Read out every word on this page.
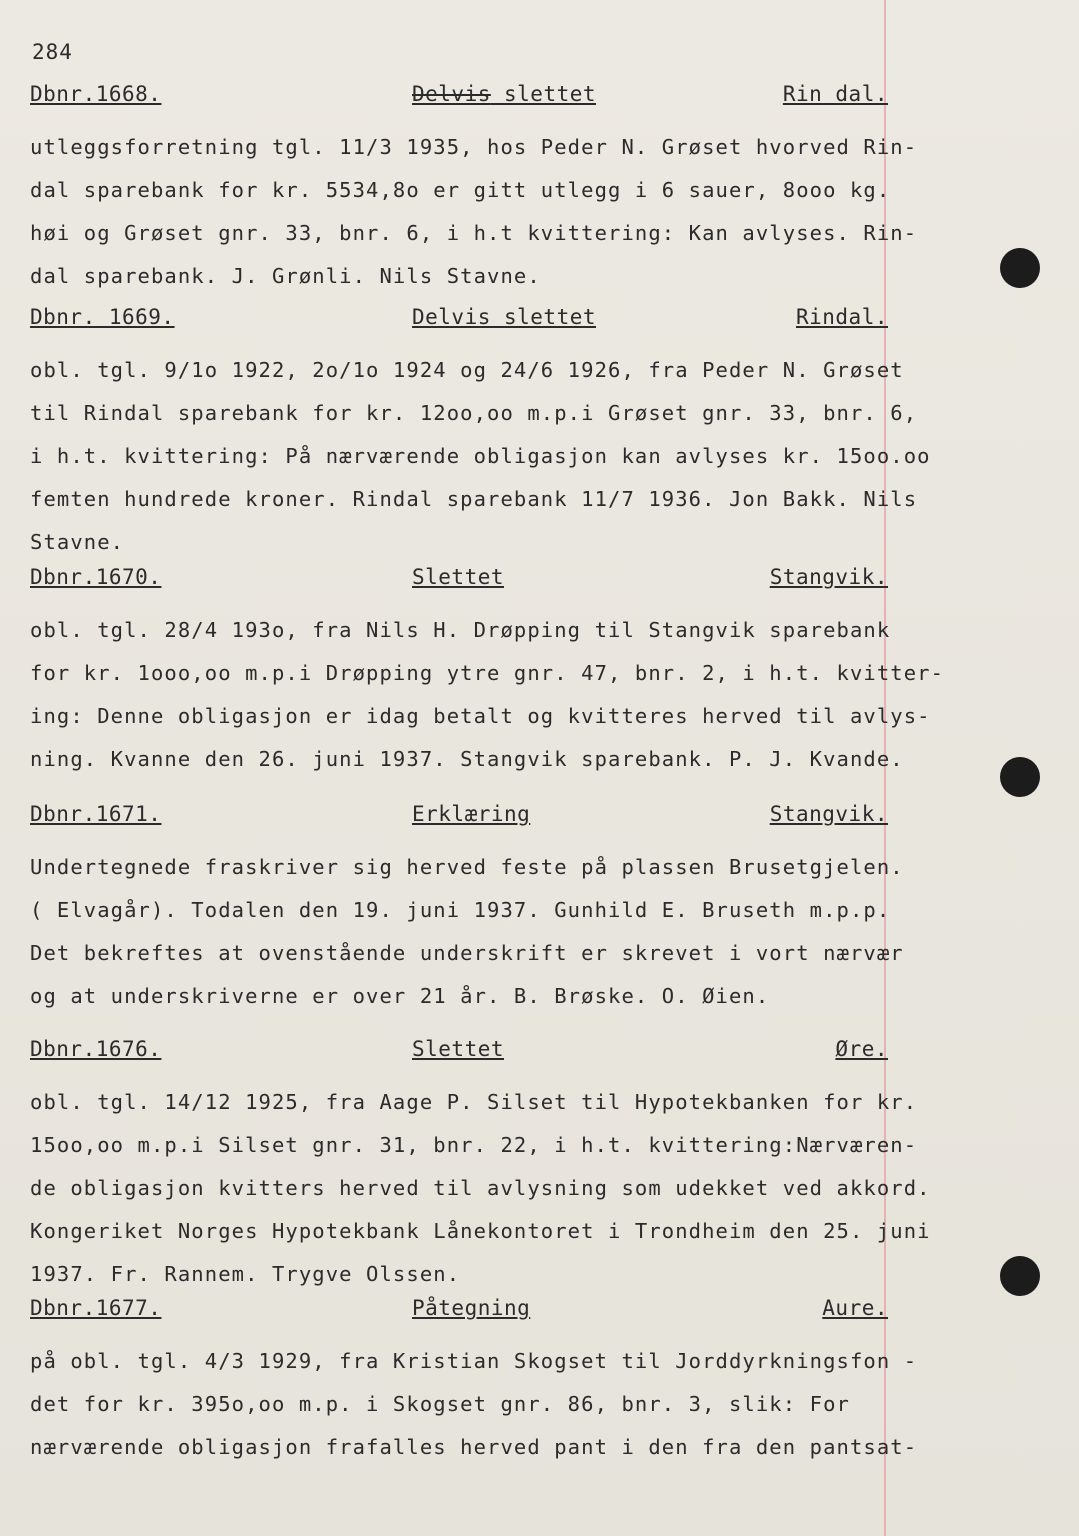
284
Dbnr.1668.	Delvis slettet	Rin dal.
utleggsforretning tgl. 11/3 1935, hos Peder N. Grøset hvorved Rin-
dal sparebank for kr. 5534,8o er gitt utlegg i 6 sauer, 8ooo kg.
høi og Grøset gnr. 33, bnr. 6, i h.t kvittering: Kan avlyses. Rin-
dal sparebank. J. Grønli. Nils Stavne.
Dbnr. 1669.	Delvis slettet	Rindal.
obl. tgl. 9/1o 1922, 2o/1o 1924 og 24/6 1926, fra Peder N. Grøset
til Rindal sparebank for kr. 12oo,oo m.p.i Grøset gnr. 33, bnr. 6,
i h.t. kvittering: På nærværende obligasjon kan avlyses kr. 15oo.oo
femten hundrede kroner. Rindal sparebank 11/7 1936. Jon Bakk. Nils
Stavne.
Dbnr.1670.	Slettet	Stangvik.
obl. tgl. 28/4 193o, fra Nils H. Drøpping til Stangvik sparebank
for kr. 1ooo,oo m.p.i Drøpping ytre gnr. 47, bnr. 2, i h.t. kvitter-
ing: Denne obligasjon er idag betalt og kvitteres herved til avlys-
ning. Kvanne den 26. juni 1937. Stangvik sparebank. P. J. Kvande.
Dbnr.1671.	Erklæring	Stangvik.
Undertegnede fraskriver sig herved feste på plassen Brusetgjelen.
( Elvagår). Todalen den 19. juni 1937. Gunhild E. Bruseth m.p.p.
Det bekreftes at ovenstående underskrift er skrevet i vort nærvær
og at underskriverne er over 21 år. B. Brøske. O. Øien.
Dbnr.1676.	Slettet	Øre.
obl. tgl. 14/12 1925, fra Aage P. Silset til Hypotekbanken for kr.
15oo,oo m.p.i Silset gnr. 31, bnr. 22, i h.t. kvittering:Nærværen-
de obligasjon kvitters herved til avlysning som udekket ved akkord.
Kongeriket Norges Hypotekbank Lånekontoret i Trondheim den 25. juni
1937. Fr. Rannem. Trygve Olssen.
Dbnr.1677.	Påtegning	Aure.
på obl. tgl. 4/3 1929, fra Kristian Skogset til Jorddyrkningsfon -
det for kr. 395o,oo m.p. i Skogset gnr. 86, bnr. 3, slik: For
nærværende obligasjon frafalles herved pant i den fra den pantsat-
